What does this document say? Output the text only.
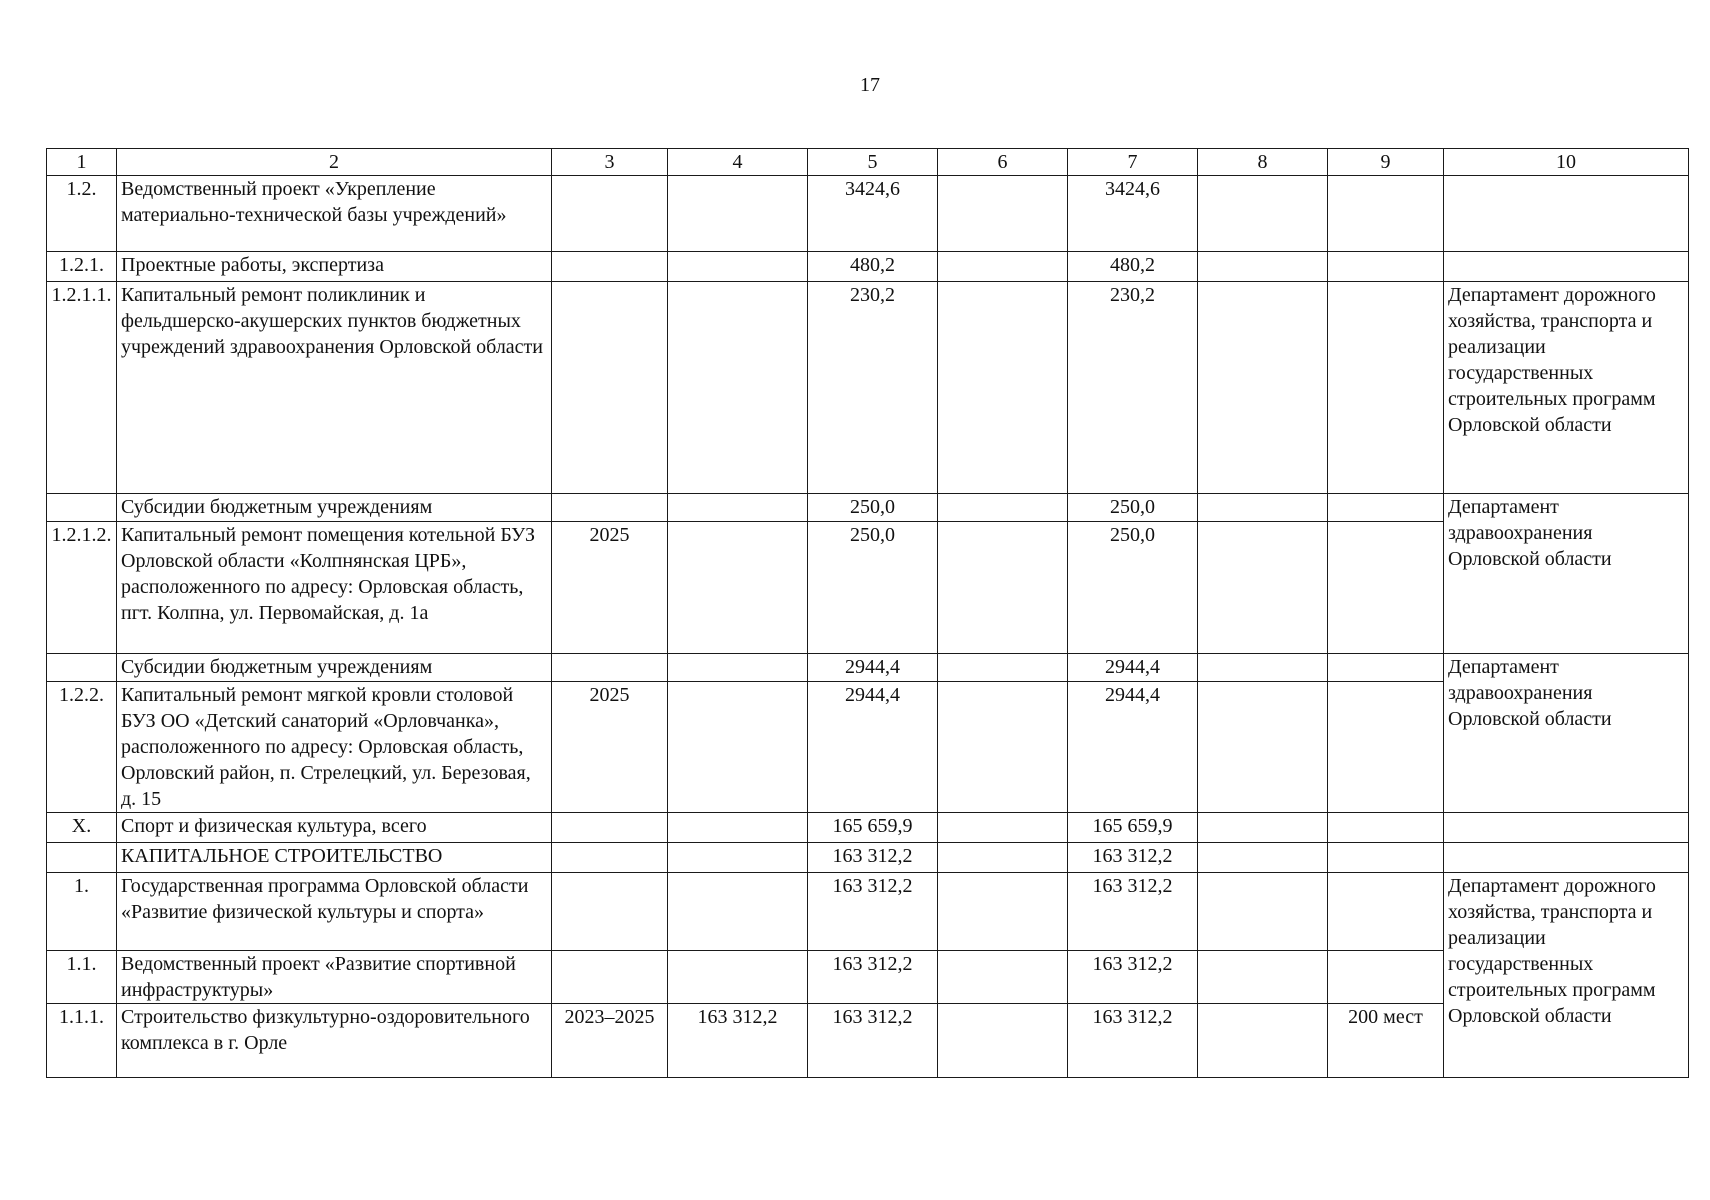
17
1	2	3	4	5	6	7	8	9	10
1.2.	Ведомственный проект «Укрепление материально-технической базы учреждений»			3424,6		3424,6			
1.2.1.	Проектные работы, экспертиза			480,2		480,2			
1.2.1.1.	Капитальный ремонт поликлиник и фельдшерско-акушерских пунктов бюджетных учреждений здравоохранения Орловской области			230,2		230,2			Департамент дорожного хозяйства, транспорта и реализации государственных строительных программ Орловской области
	Субсидии бюджетным учреждениям			250,0		250,0			Департамент здравоохранения Орловской области
1.2.1.2.	Капитальный ремонт помещения котельной БУЗ Орловской области «Колпнянская ЦРБ», расположенного по адресу: Орловская область, пгт. Колпна, ул. Первомайская, д. 1а	2025		250,0		250,0			
	Субсидии бюджетным учреждениям			2944,4		2944,4			Департамент здравоохранения Орловской области
1.2.2.	Капитальный ремонт мягкой кровли столовой БУЗ ОО «Детский санаторий «Орловчанка», расположенного по адресу: Орловская область, Орловский район, п. Стрелецкий, ул. Березовая, д. 15	2025		2944,4		2944,4			
X.	Спорт и физическая культура, всего			165 659,9		165 659,9			
	КАПИТАЛЬНОЕ СТРОИТЕЛЬСТВО			163 312,2		163 312,2			
1.	Государственная программа Орловской области «Развитие физической культуры и спорта»			163 312,2		163 312,2			Департамент дорожного хозяйства, транспорта и реализации государственных строительных программ Орловской области
1.1.	Ведомственный проект «Развитие спортивной инфраструктуры»			163 312,2		163 312,2			
1.1.1.	Строительство физкультурно-оздоровительного комплекса в г. Орле	2023–2025	163 312,2	163 312,2		163 312,2		200 мест	
